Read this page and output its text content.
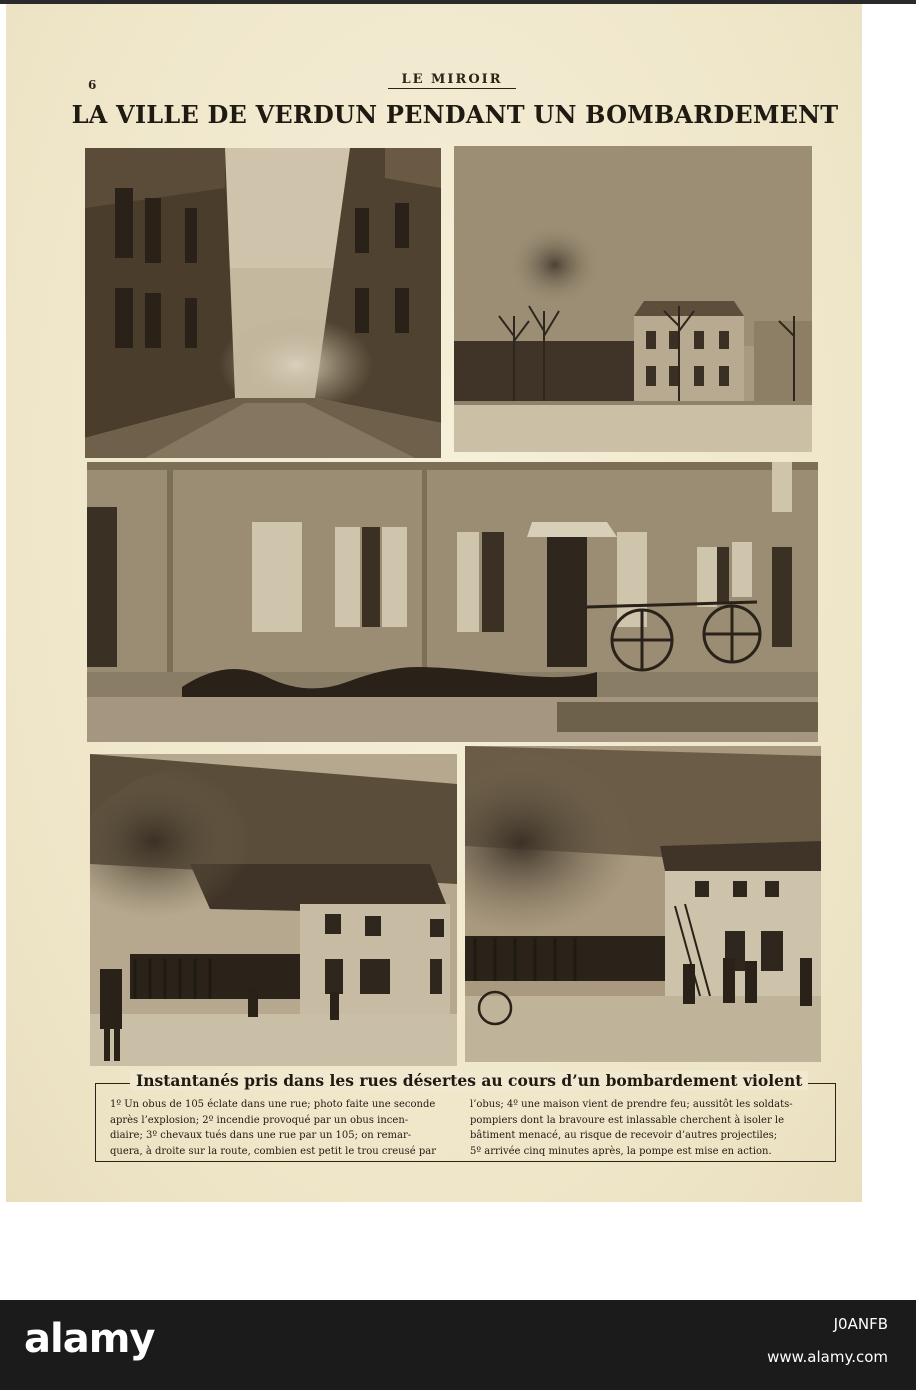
6	LE MIROIR
LA VILLE DE VERDUN PENDANT UN BOMBARDEMENT
Instantanés pris dans les rues désertes au cours d’un bombardement violent

1º Un obus de 105 éclate dans une rue; photo faite une seconde

après l’explosion; 2º incendie provoqué par un obus incen-

diaire; 3º chevaux tués dans une rue par un 105; on remar-

quera, à droite sur la route, combien est petit le trou creusé par

l’obus; 4º une maison vient de prendre feu; aussitôt les soldats-

pompiers dont la bravoure est inlassable cherchent à isoler le

bâtiment menacé, au risque de recevoir d’autres projectiles;

5º arrivée cinq minutes après, la pompe est mise en action.

alamy	J0ANFB
www.alamy.com
